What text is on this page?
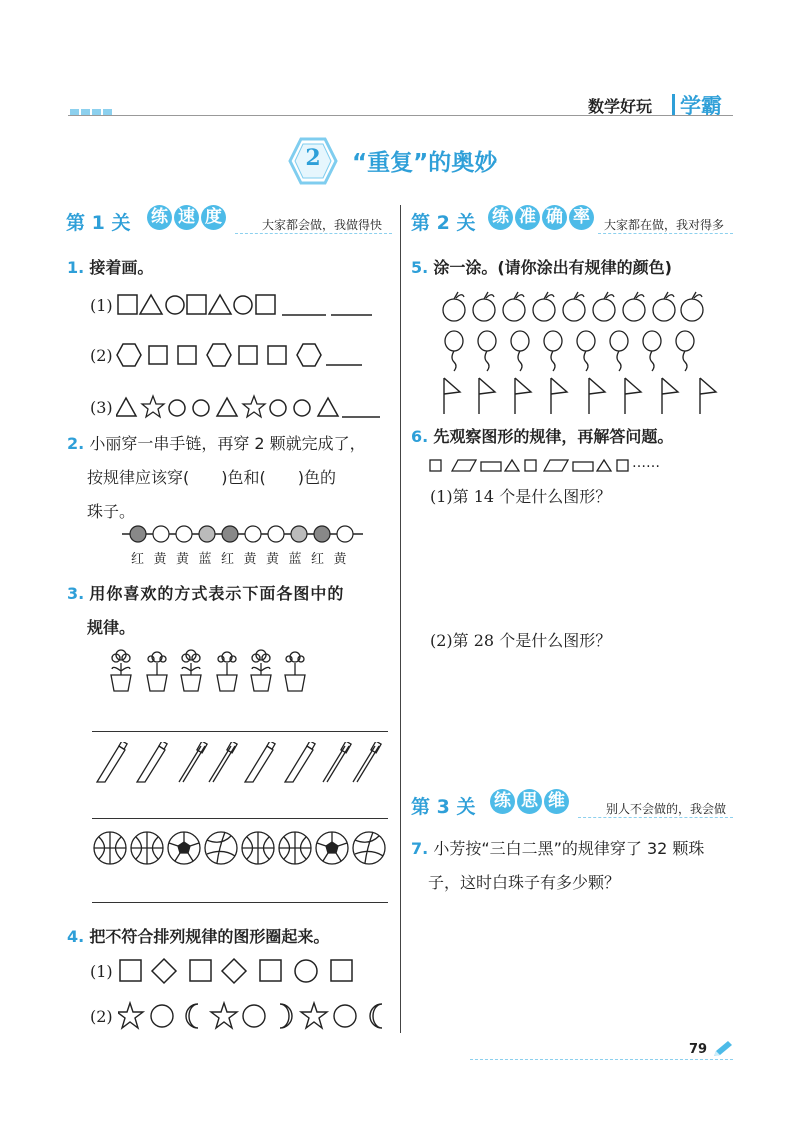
数学好玩	学霸
2	“重复”的奥妙
第 1 关 练 速 度	大家都会做，我做得快 第 2 关 练 准 确 率	大家都在做，我对得多
1. 接着画。
(1)
(2)
(3)
2. 小丽穿一串手链，再穿 2 颗就完成了，
按规律应该穿(　　)色和(　　)色的
珠子。
红黄黄蓝红黄黄蓝红黄
3. 用你喜欢的方式表示下面各图中的
规律。
4. 把不符合排列规律的图形圈起来。
(1)
(2)
5. 涂一涂。(请你涂出有规律的颜色)
6. 先观察图形的规律，再解答问题。
……
(1)第 14 个是什么图形？
(2)第 28 个是什么图形？
第 3 关 练 思 维	别人不会做的，我会做
7. 小芳按“三白二黑”的规律穿了 32 颗珠
子，这时白珠子有多少颗？
79
